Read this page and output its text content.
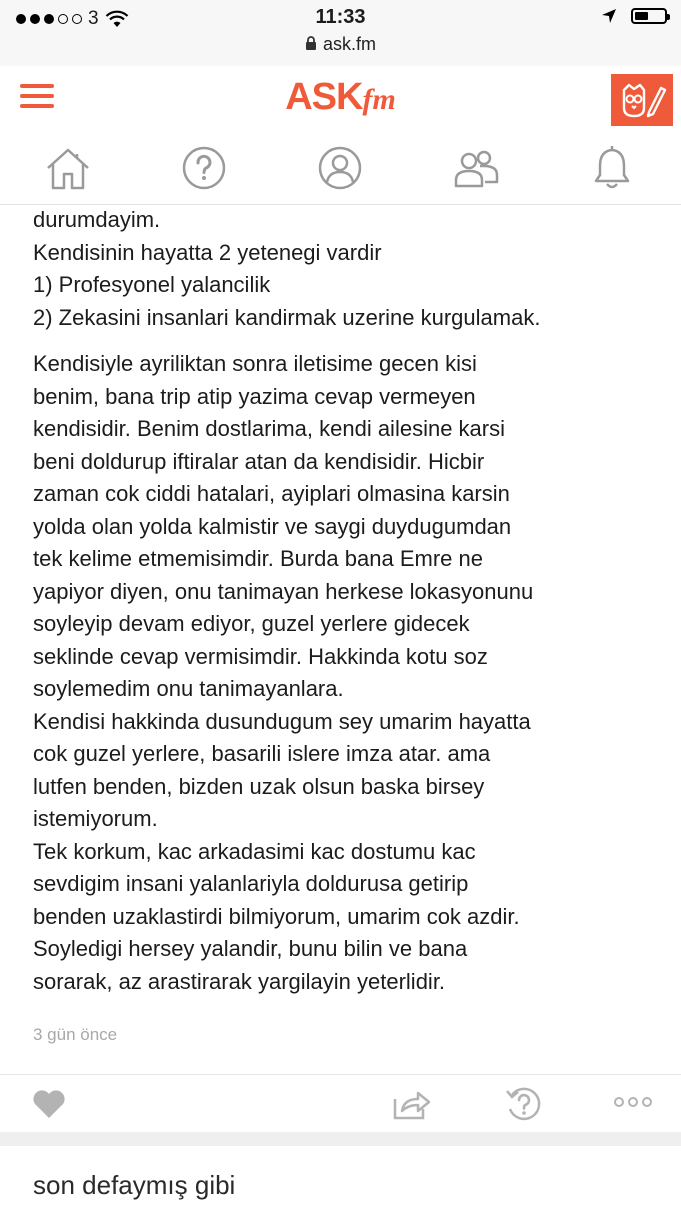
3	11:33
ask.fm
ASKfm

durumdayim.

Kendisinin hayatta 2 yetenegi vardir

1) Profesyonel yalancilik

2) Zekasini insanlari kandirmak uzerine kurgulamak.

Kendisiyle ayriliktan sonra iletisime gecen kisi

benim, bana trip atip yazima cevap vermeyen

kendisidir. Benim dostlarima, kendi ailesine karsi

beni doldurup iftiralar atan da kendisidir. Hicbir

zaman cok ciddi hatalari, ayiplari olmasina karsin

yolda olan yolda kalmistir ve saygi duydugumdan

tek kelime etmemisimdir. Burda bana Emre ne

yapiyor diyen, onu tanimayan herkese lokasyonunu

soyleyip devam ediyor, guzel yerlere gidecek

seklinde cevap vermisimdir. Hakkinda kotu soz

soylemedim onu tanimayanlara.

Kendisi hakkinda dusundugum sey umarim hayatta

cok guzel yerlere, basarili islere imza atar. ama

lutfen benden, bizden uzak olsun baska birsey

istemiyorum.

Tek korkum, kac arkadasimi kac dostumu kac

sevdigim insani yalanlariyla doldurusa getirip

benden uzaklastirdi bilmiyorum, umarim cok azdir.

Soyledigi hersey yalandir, bunu bilin ve bana

sorarak, az arastirarak yargilayin yeterlidir.

3 gün önce
son defaymış gibi
